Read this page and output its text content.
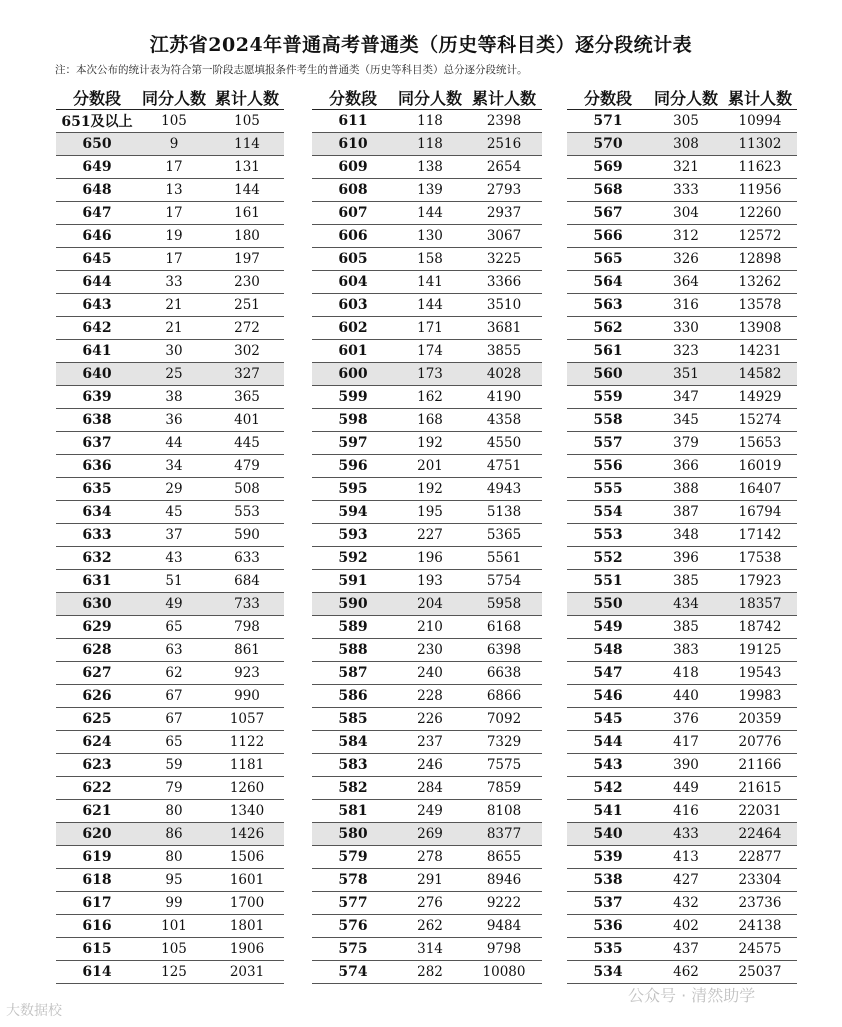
江苏省2024年普通高考普通类（历史等科目类）逐分段统计表
注：本次公布的统计表为符合第一阶段志愿填报条件考生的普通类（历史等科目类）总分逐分段统计。
分数段	同分人数	累计人数
651及以上	105	105
650	9	114
649	17	131
648	13	144
647	17	161
646	19	180
645	17	197
644	33	230
643	21	251
642	21	272
641	30	302
640	25	327
639	38	365
638	36	401
637	44	445
636	34	479
635	29	508
634	45	553
633	37	590
632	43	633
631	51	684
630	49	733
629	65	798
628	63	861
627	62	923
626	67	990
625	67	1057
624	65	1122
623	59	1181
622	79	1260
621	80	1340
620	86	1426
619	80	1506
618	95	1601
617	99	1700
616	101	1801
615	105	1906
614	125	2031
分数段	同分人数	累计人数
611	118	2398
610	118	2516
609	138	2654
608	139	2793
607	144	2937
606	130	3067
605	158	3225
604	141	3366
603	144	3510
602	171	3681
601	174	3855
600	173	4028
599	162	4190
598	168	4358
597	192	4550
596	201	4751
595	192	4943
594	195	5138
593	227	5365
592	196	5561
591	193	5754
590	204	5958
589	210	6168
588	230	6398
587	240	6638
586	228	6866
585	226	7092
584	237	7329
583	246	7575
582	284	7859
581	249	8108
580	269	8377
579	278	8655
578	291	8946
577	276	9222
576	262	9484
575	314	9798
574	282	10080
分数段	同分人数	累计人数
571	305	10994
570	308	11302
569	321	11623
568	333	11956
567	304	12260
566	312	12572
565	326	12898
564	364	13262
563	316	13578
562	330	13908
561	323	14231
560	351	14582
559	347	14929
558	345	15274
557	379	15653
556	366	16019
555	388	16407
554	387	16794
553	348	17142
552	396	17538
551	385	17923
550	434	18357
549	385	18742
548	383	19125
547	418	19543
546	440	19983
545	376	20359
544	417	20776
543	390	21166
542	449	21615
541	416	22031
540	433	22464
539	413	22877
538	427	23304
537	432	23736
536	402	24138
535	437	24575
534	462	25037
大数据校
公众号 · 清然助学
